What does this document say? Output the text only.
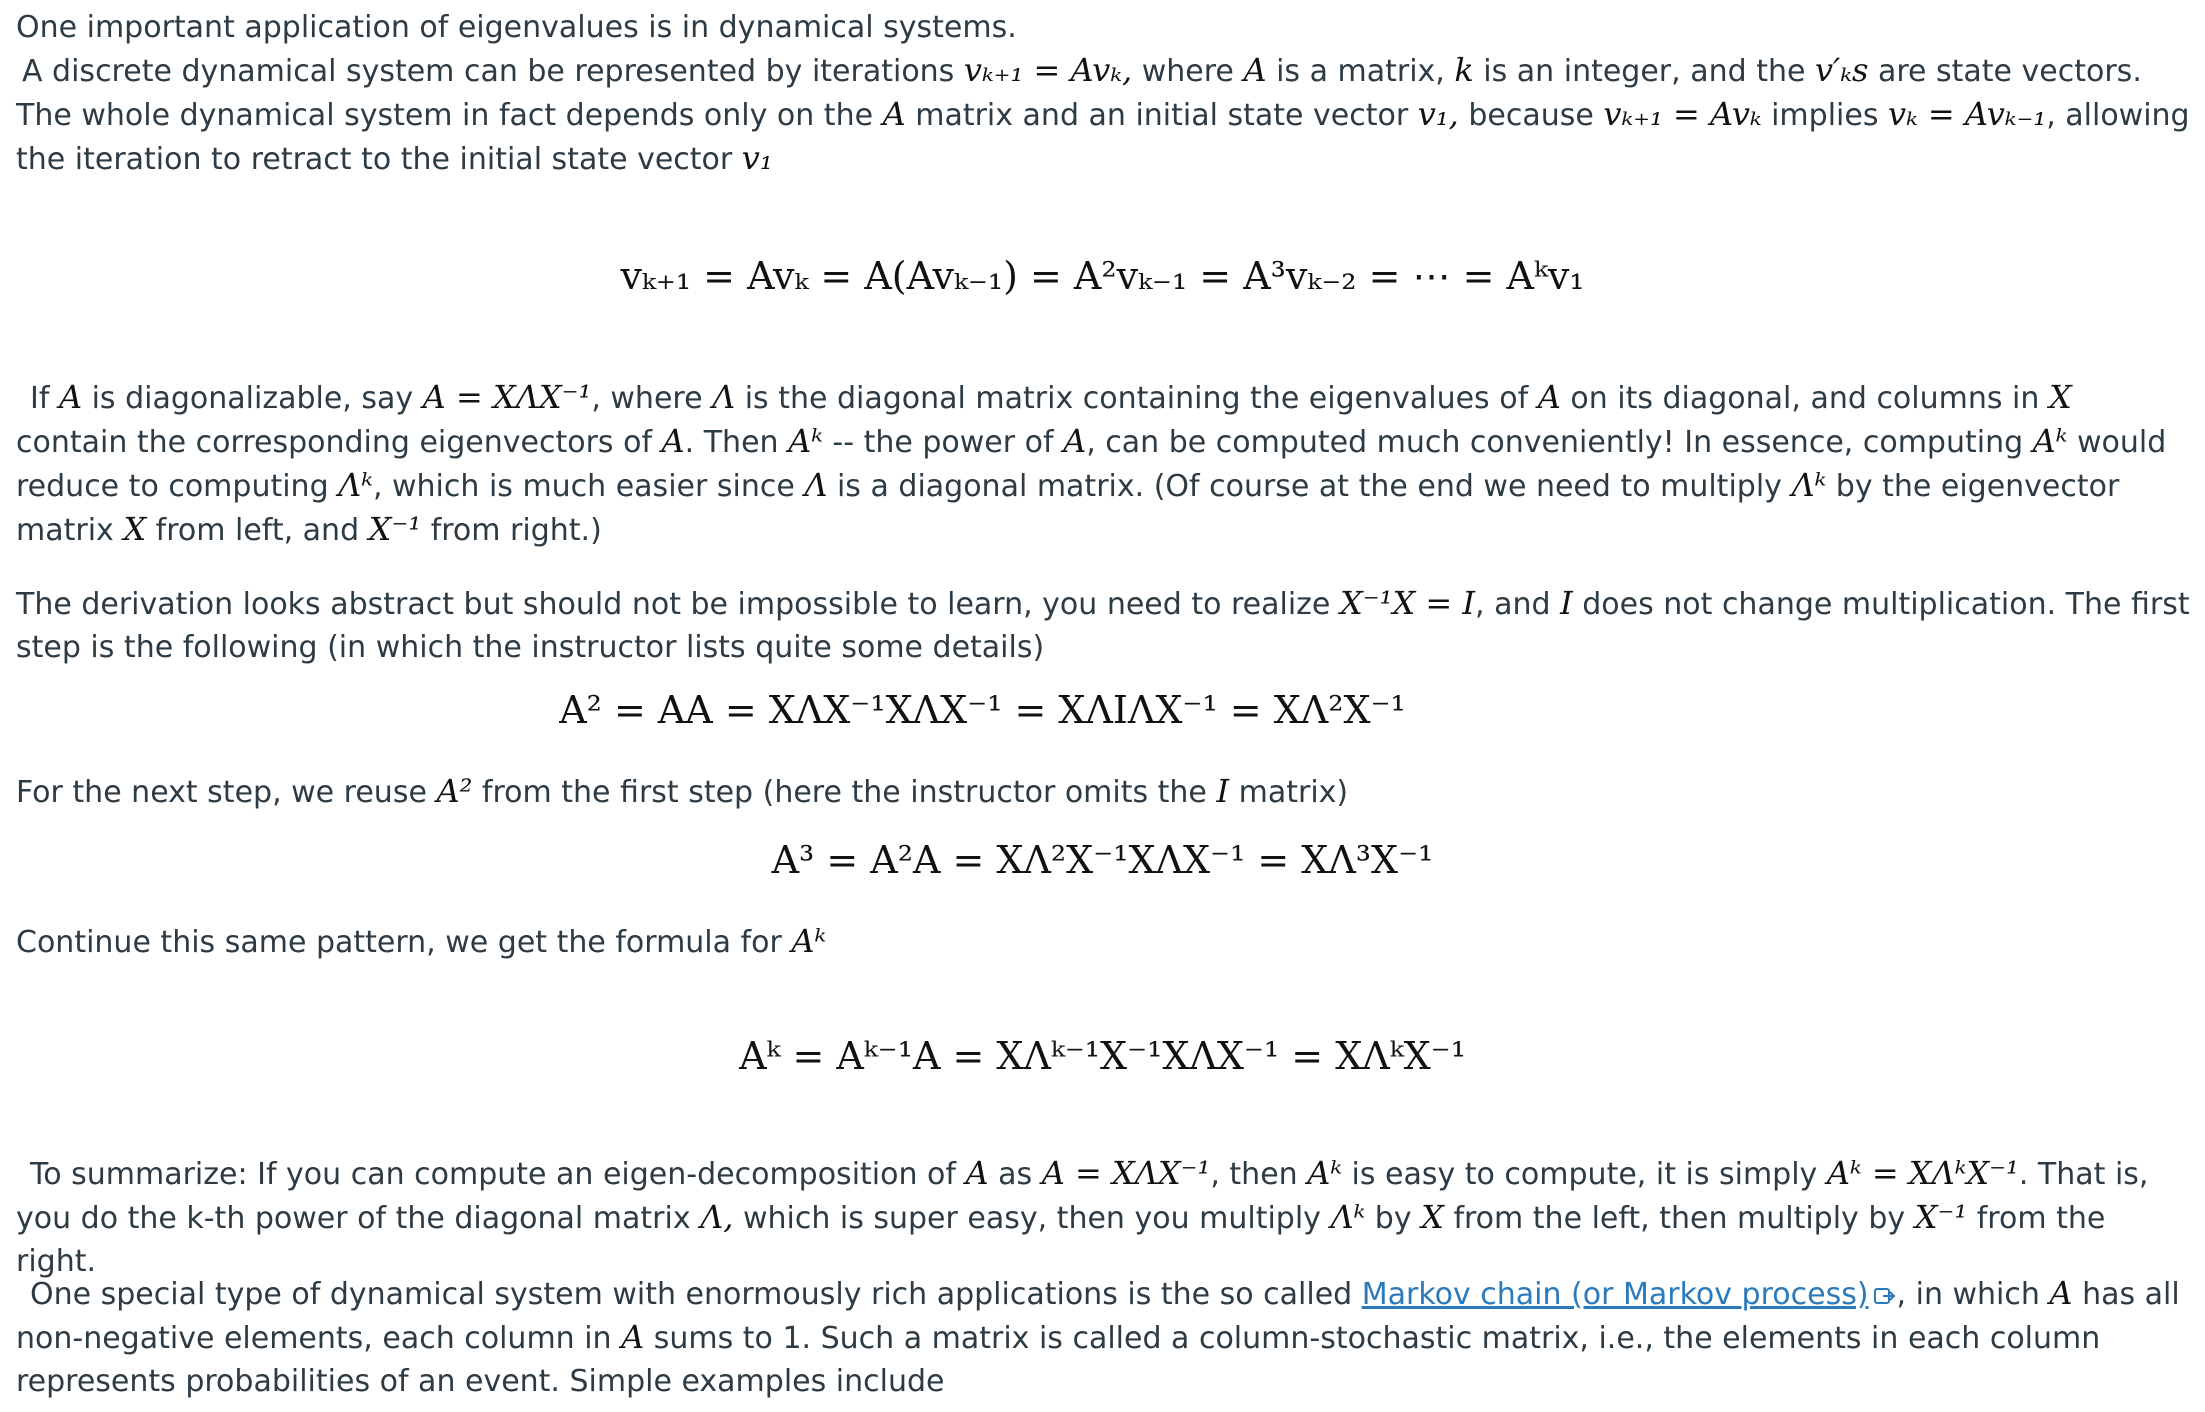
One important application of eigenvalues is in dynamical systems.
A discrete dynamical system can be represented by iterations vₖ₊₁ = Avₖ, where A is a matrix, k is an integer, and the v′ₖs are state vectors. The whole dynamical system in fact depends only on the A matrix and an initial state vector v₁, because vₖ₊₁ = Avₖ implies vₖ = Avₖ₋₁, allowing the iteration to retract to the initial state vector v₁

vₖ₊₁ = Avₖ = A(Avₖ₋₁) = A²vₖ₋₁ = A³vₖ₋₂ = ⋯ = Aᵏv₁

If A is diagonalizable, say A = XΛX⁻¹, where Λ is the diagonal matrix containing the eigenvalues of A on its diagonal, and columns in X contain the corresponding eigenvectors of A. Then Aᵏ -- the power of A, can be computed much conveniently! In essence, computing Aᵏ would reduce to computing Λᵏ, which is much easier since Λ is a diagonal matrix. (Of course at the end we need to multiply Λᵏ by the eigenvector matrix X from left, and X⁻¹ from right.)

The derivation looks abstract but should not be impossible to learn, you need to realize X⁻¹X = I, and I does not change multiplication. The first step is the following (in which the instructor lists quite some details)

A² = AA = XΛX⁻¹XΛX⁻¹ = XΛIΛX⁻¹ = XΛ²X⁻¹

For the next step, we reuse A² from the first step (here the instructor omits the I matrix)

A³ = A²A = XΛ²X⁻¹XΛX⁻¹ = XΛ³X⁻¹

Continue this same pattern, we get the formula for Aᵏ

Aᵏ = Aᵏ⁻¹A = XΛᵏ⁻¹X⁻¹XΛX⁻¹ = XΛᵏX⁻¹

To summarize: If you can compute an eigen-decomposition of A as A = XΛX⁻¹, then Aᵏ is easy to compute, it is simply Aᵏ = XΛᵏX⁻¹. That is, you do the k-th power of the diagonal matrix Λ, which is super easy, then you multiply Λᵏ by X from the left, then multiply by X⁻¹ from the right.

One special type of dynamical system with enormously rich applications is the so called Markov chain (or Markov process) , in which A has all non-negative elements, each column in A sums to 1. Such a matrix is called a column-stochastic matrix, i.e., the elements in each column represents probabilities of an event. Simple examples include
